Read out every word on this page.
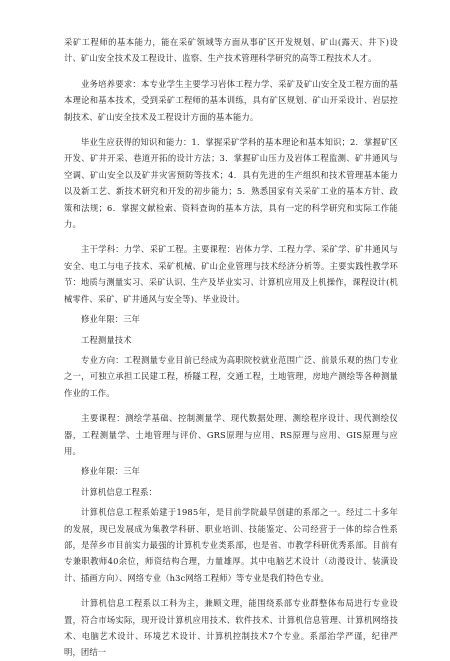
采矿工程师的基本能力，能在采矿领域等方面从事矿区开发规划、矿山(露天、井下)设计、矿山安全技术及工程设计、监察、生产技术管理科学研究的高等工程技术人才。

业务培养要求：本专业学生主要学习岩体工程力学、采矿及矿山安全及工程方面的基本理论和基本技术，受到采矿工程师的基本训练，具有矿区规划、矿山开采设计、岩层控制技术、矿山安全技术及工程设计方面的基本能力。

毕业生应获得的知识和能力：1．掌握采矿学科的基本理论和基本知识；2．掌握矿区开发、矿井开采、巷道开拓的设计方法；3．掌握矿山压力及岩体工程监测、矿井通风与空调、矿山安全以及矿井灾害预防等技术；4．具有先进的生产组织和技术管理基本能力以及新工艺、新技术研究和开发的初步能力；5．熟悉国家有关采矿工业的基本方针、政策和法规；6．掌握文献检索、资料查询的基本方法，具有一定的科学研究和实际工作能力。

主干学科：力学、采矿工程。主要课程：岩体力学、工程力学、采矿学、矿井通风与安全、电工与电子技术、采矿机械、矿山企业管理与技术经济分析等。主要实践性教学环节：地质与测量实习、采矿认识、生产及毕业实习、计算机应用及上机操作，课程设计(机械零件、采矿、矿井通风与安全等)、毕业设计。

修业年限：三年

工程测量技术

专业方向：工程测量专业目前已经成为高职院校就业范围广泛、前景乐观的热门专业之一，可独立承担工民建工程，桥隧工程，交通工程，土地管理，房地产测绘等各种测量作业的工作。

主要课程：测绘学基础、控制测量学、现代数据处理、测绘程序设计、现代测绘仪器，工程测量学、土地管理与评价、GRS原理与应用、RS原理与应用、GIS原理与应用。

修业年限：三年

计算机信息工程系：

计算机信息工程系始建于1985年，是目前学院最早创建的系部之一。经过二十多年的发展，现已发展成为集教学科研、职业培训、技能鉴定、公司经营于一体的综合性系部，是萍乡市目前实力最强的计算机专业类系部，也是省、市教学科研优秀系部。目前有专兼职教师40余位，师资结构合理，力量雄厚。其中电脑艺术设计（动漫设计、装潢设计、插画方向）、网络专业（h3c网络工程师）等专业是我们特色专业。

计算机信息工程系以工科为主，兼顾文理，能围绕系部专业群整体布局进行专业设置，符合市场实际，现开设计算机应用技术、软件技术、计算机信息管理、计算机网络技术、电脑艺术设计、环境艺术设计、计算机控制技术7个专业。系部治学严谨，纪律严明，团结一
